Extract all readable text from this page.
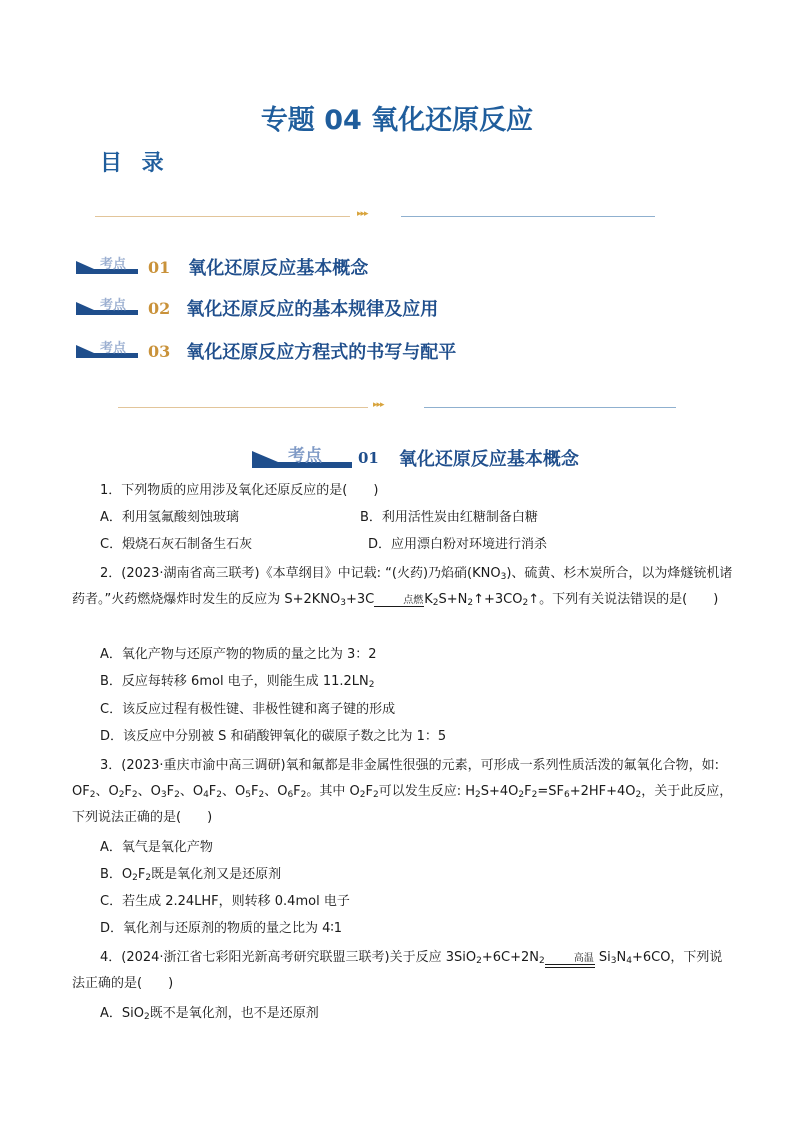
专题 04 氧化还原反应
目 录
▸▸▸
考点 01 氧化还原反应基本概念
考点 02 氧化还原反应的基本规律及应用
考点 03 氧化还原反应方程式的书写与配平
▸▸▸
考点 01 氧化还原反应基本概念
1．下列物质的应用涉及氧化还原反应的是(　　)
A．利用氢氟酸刻蚀玻璃	B．利用活性炭由红糖制备白糖
C．煅烧石灰石制备生石灰	D．应用漂白粉对环境进行消杀
2．(2023·湖南省高三联考)《本草纲目》中记载: “(火药)乃焰硝$(KNO_3)$、硫黄、杉木炭所合，以为烽燧铳机诸药者。”火药燃烧爆炸时发生的反应为 $S+2KNO_3+3C$	点燃 $K_2S+N_2↑+3CO_2↑$。下列有关说法错误的是(　　)
A．氧化产物与还原产物的物质的量之比为 3：2
B．反应每转移 6mol 电子，则能生成 $11.2LN_2$
C．该反应过程有极性键、非极性键和离子键的形成
D．该反应中分别被 S 和硝酸钾氧化的碳原子数之比为 1：5
3．(2023·重庆市渝中高三调研)氧和氟都是非金属性很强的元素，可形成一系列性质活泼的氟氧化合物，如: $OF_2$、$O_2F_2$、$O_3F_2$、$O_4F_2$、$O_5F_2$、$O_6F_2$。其中 $O_2F_2$可以发生反应: $H_2S+4O_2F_2=SF_6+2HF+4O_2$，关于此反应，下列说法正确的是(　　)
A．氧气是氧化产物
B．$O_2F_2$既是氧化剂又是还原剂
C．若生成 2.24LHF，则转移 0.4mol 电子
D．氧化剂与还原剂的物质的量之比为 4∶1
4．(2024·浙江省七彩阳光新高考研究联盟三联考)关于反应 $3SiO_2+6C+2N_2$	高温 $Si_3N_4+6CO$，下列说法正确的是(　　)
A．SiO$_2$既不是氧化剂，也不是还原剂
